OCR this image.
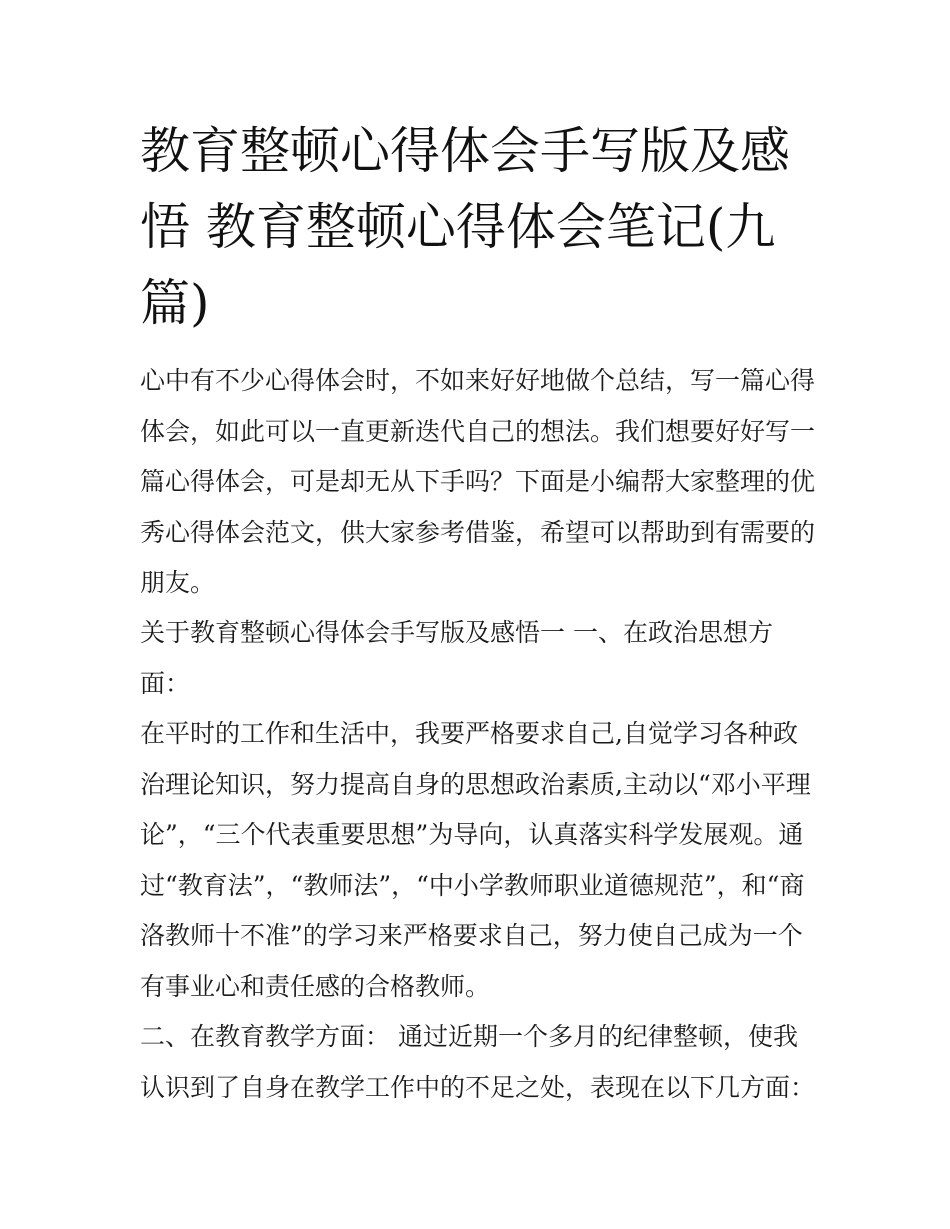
教育整顿心得体会手写版及感
悟 教育整顿心得体会笔记(九
篇)

心中有不少心得体会时，不如来好好地做个总结，写一篇心得

体会，如此可以一直更新迭代自己的想法。我们想要好好写一

篇心得体会，可是却无从下手吗？下面是小编帮大家整理的优

秀心得体会范文，供大家参考借鉴，希望可以帮助到有需要的

朋友。

关于教育整顿心得体会手写版及感悟一 一、在政治思想方

面：

在平时的工作和生活中，我要严格要求自己,自觉学习各种政

治理论知识，努力提高自身的思想政治素质,主动以“邓小平理

论”，“三个代表重要思想”为导向，认真落实科学发展观。通

过“教育法”，“教师法”，“中小学教师职业道德规范”，和“商

洛教师十不准”的学习来严格要求自己，努力使自己成为一个

有事业心和责任感的合格教师。

二、在教育教学方面： 通过近期一个多月的纪律整顿，使我

认识到了自身在教学工作中的不足之处，表现在以下几方面：
